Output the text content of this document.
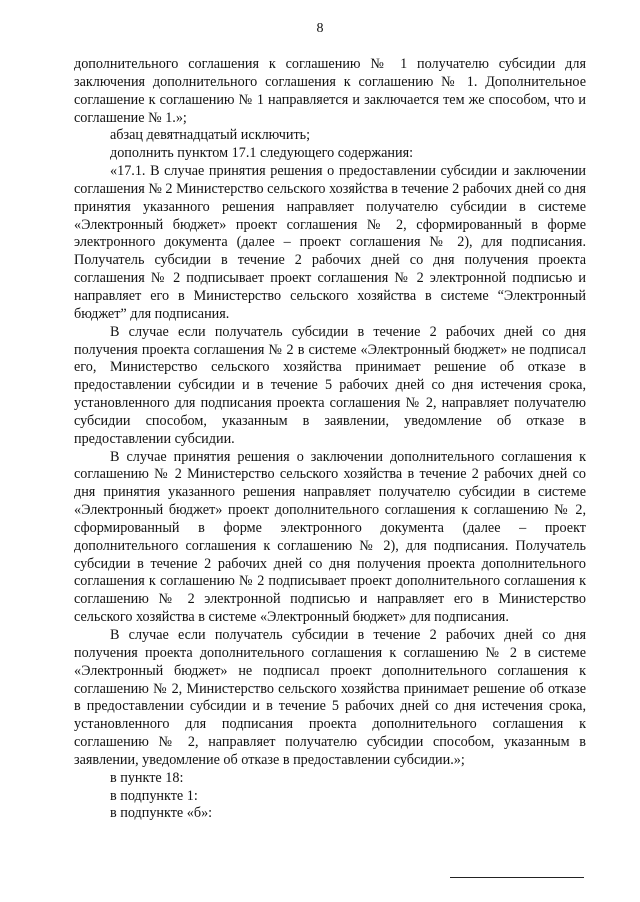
8

дополнительного соглашения к соглашению № 1 получателю субсидии для заключения дополнительного соглашения к соглашению № 1. Дополнительное соглашение к соглашению № 1 направляется и заключается тем же способом, что и соглашение № 1.»;

абзац девятнадцатый исключить;

дополнить пунктом 17.1 следующего содержания:

«17.1. В случае принятия решения о предоставлении субсидии и заключении соглашения № 2 Министерство сельского хозяйства в течение 2 рабочих дней со дня принятия указанного решения направляет получателю субсидии в системе «Электронный бюджет» проект соглашения № 2, сформированный в форме электронного документа (далее – проект соглашения № 2), для подписания. Получатель субсидии в течение 2 рабочих дней со дня получения проекта соглашения № 2 подписывает проект соглашения № 2 электронной подписью и направляет его в Министерство сельского хозяйства в системе “Электронный бюджет” для подписания.

В случае если получатель субсидии в течение 2 рабочих дней со дня получения проекта соглашения № 2 в системе «Электронный бюджет» не подписал его, Министерство сельского хозяйства принимает решение об отказе в предоставлении субсидии и в течение 5 рабочих дней со дня истечения срока, установленного для подписания проекта соглашения № 2, направляет получателю субсидии способом, указанным в заявлении, уведомление об отказе в предоставлении субсидии.

В случае принятия решения о заключении дополнительного соглашения к соглашению № 2 Министерство сельского хозяйства в течение 2 рабочих дней со дня принятия указанного решения направляет получателю субсидии в системе «Электронный бюджет» проект дополнительного соглашения к соглашению № 2, сформированный в форме электронного документа (далее – проект дополнительного соглашения к соглашению № 2), для подписания. Получатель субсидии в течение 2 рабочих дней со дня получения проекта дополнительного соглашения к соглашению № 2 подписывает проект дополнительного соглашения к соглашению № 2 электронной подписью и направляет его в Министерство сельского хозяйства в системе «Электронный бюджет» для подписания.

В случае если получатель субсидии в течение 2 рабочих дней со дня получения проекта дополнительного соглашения к соглашению № 2 в системе «Электронный бюджет» не подписал проект дополнительного соглашения к соглашению № 2, Министерство сельского хозяйства принимает решение об отказе в предоставлении субсидии и в течение 5 рабочих дней со дня истечения срока, установленного для подписания проекта дополнительного соглашения к соглашению № 2, направляет получателю субсидии способом, указанным в заявлении, уведомление об отказе в предоставлении субсидии.»;

в пункте 18:

в подпункте 1:

в подпункте «б»:
